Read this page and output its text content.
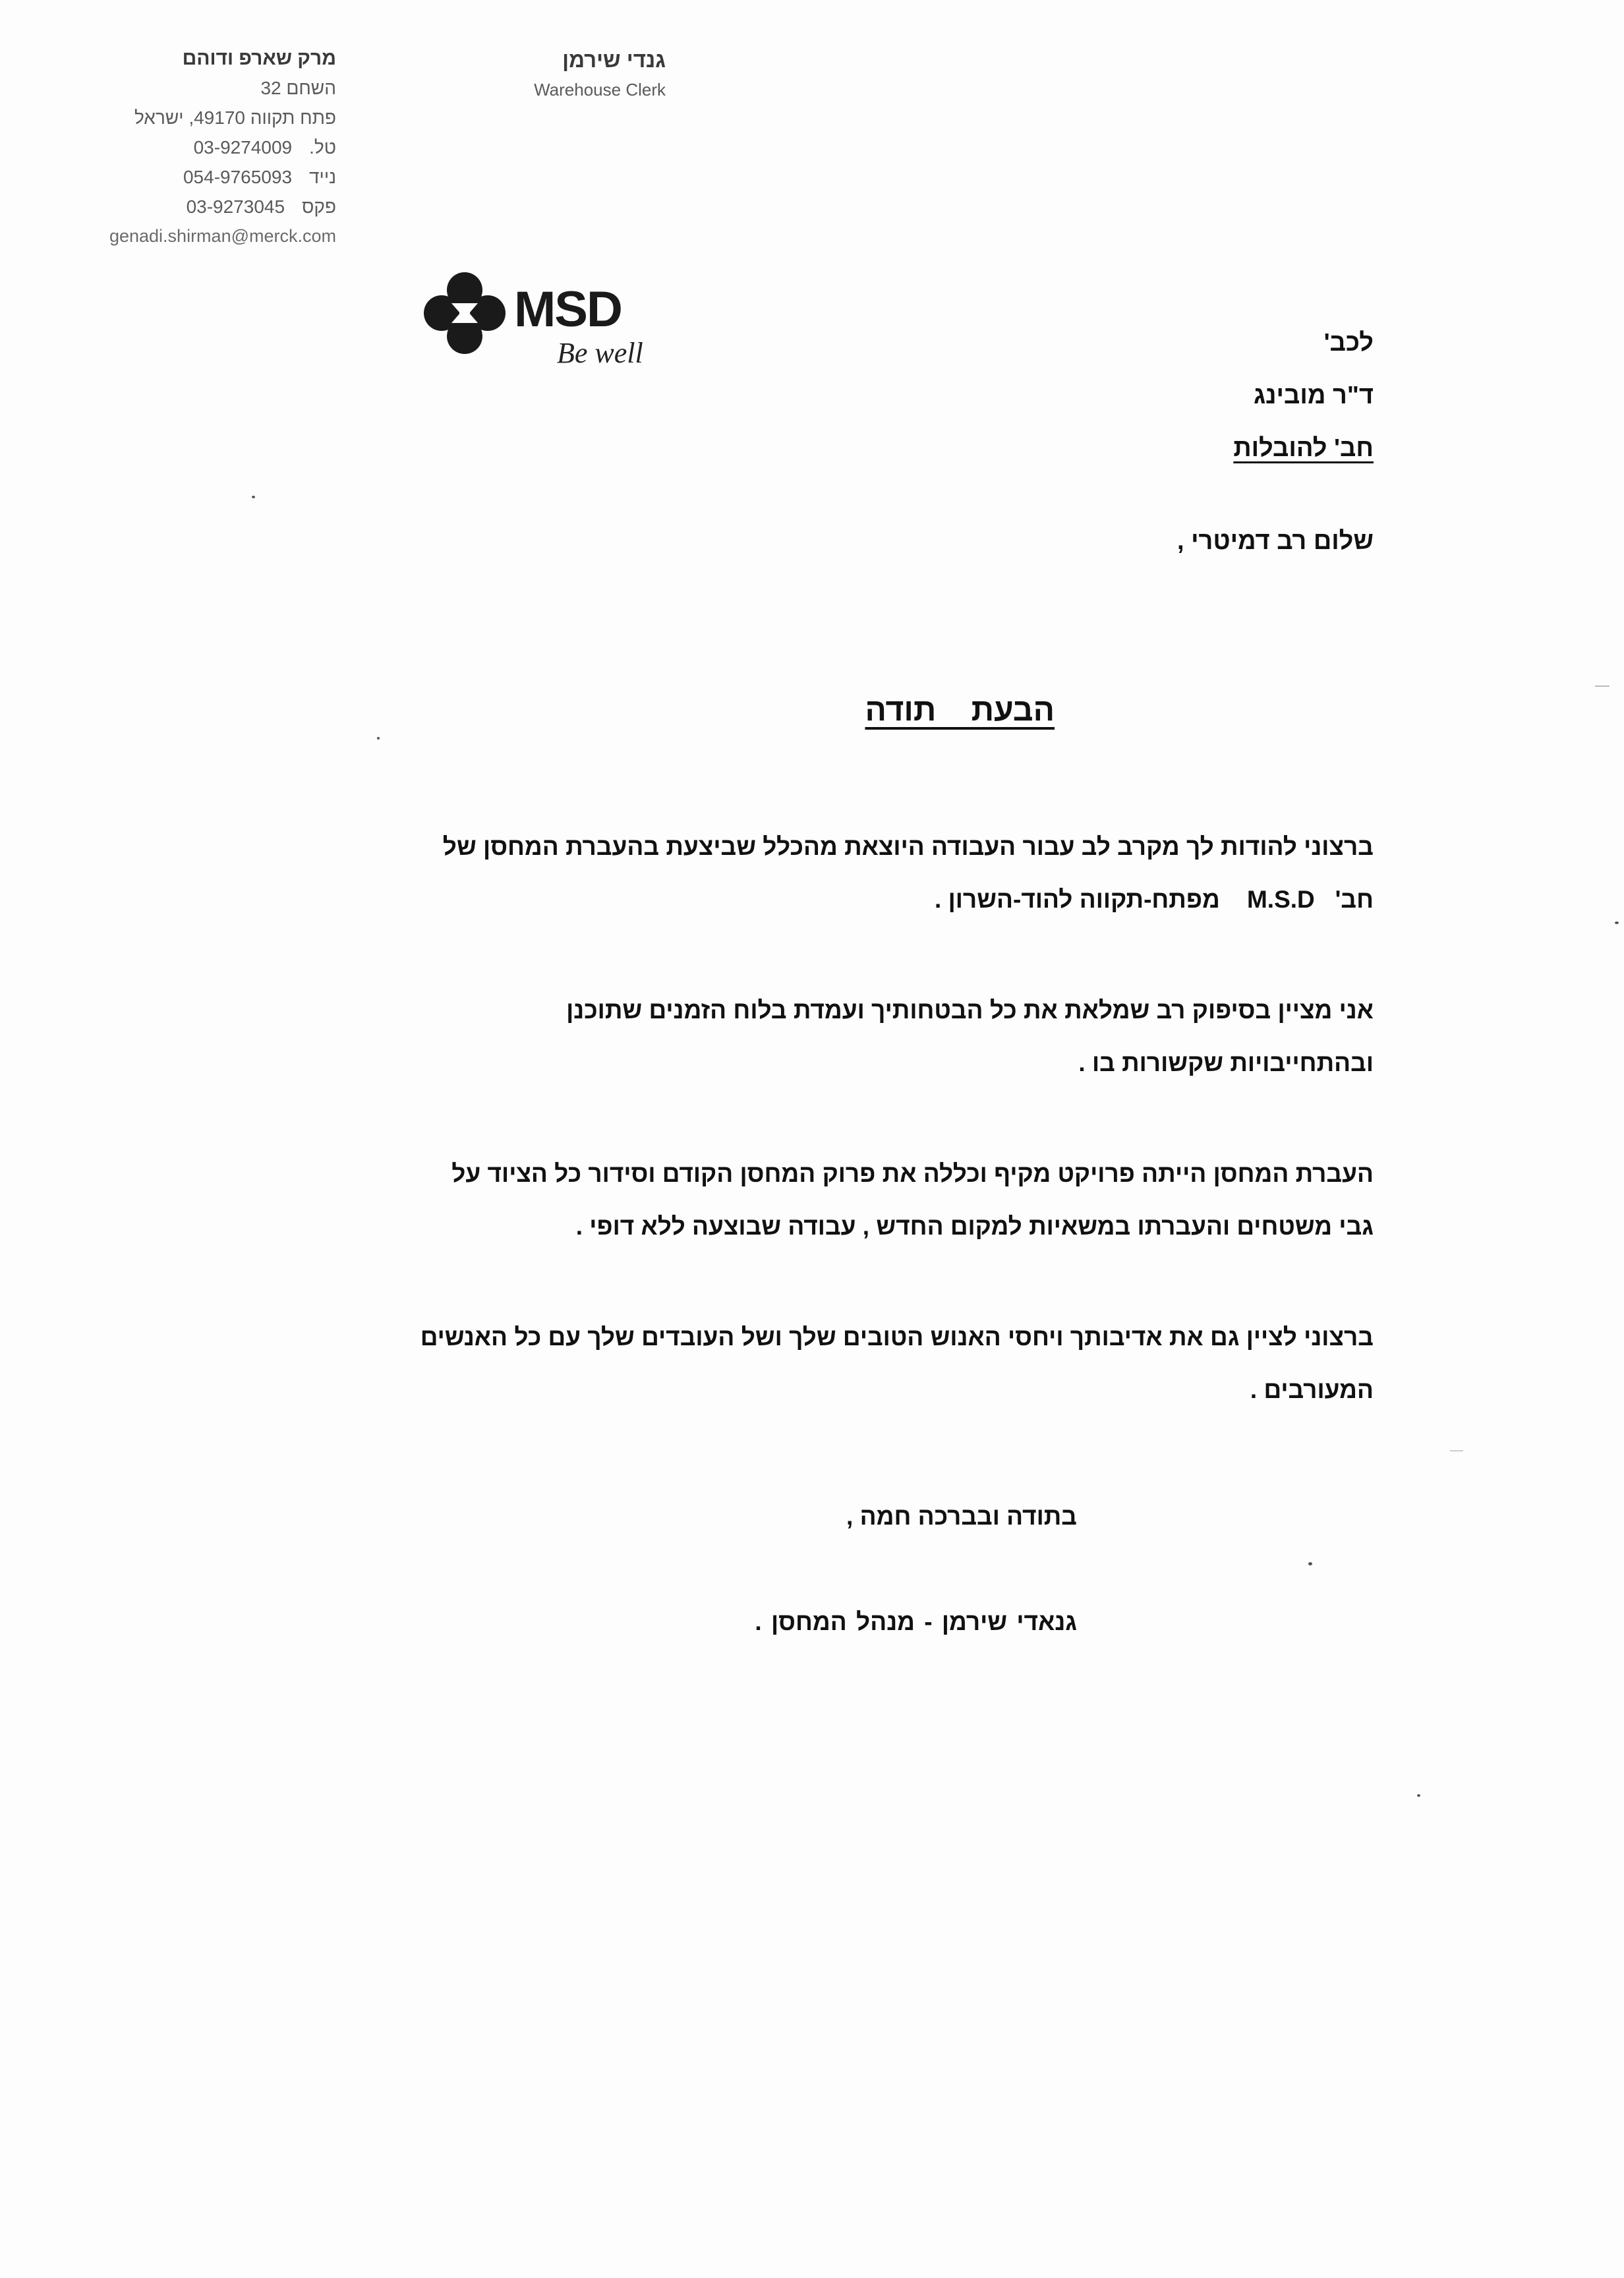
מרק שארפ ודוהם
השחם 32
פתח תקווה 49170, ישראל
טל.
03-9274009
נייד
054-9765093
פקס
03-9273045
genadi.shirman@merck.com
גנדי שירמן
Warehouse Clerk
MSD
Be well	לכב'
ד"ר מובינג
חב' להובלות
שלום רב דמיטרי ,
הבעת תודה

ברצוני להודות לך מקרב לב עבור העבודה היוצאת מהכלל שביצעת בהעברת המחסן של
חב'   M.S.D    מפתח-תקווה להוד-השרון .

אני מציין בסיפוק רב שמלאת את כל הבטחותיך ועמדת בלוח הזמנים שתוכנן
ובהתחייבויות שקשורות בו .

העברת המחסן הייתה פרויקט מקיף וכללה את פרוק המחסן הקודם וסידור כל הציוד על
גבי משטחים והעברתו במשאיות למקום החדש , עבודה שבוצעה ללא דופי .

ברצוני לציין גם את אדיבותך ויחסי האנוש הטובים שלך ושל העובדים שלך עם כל האנשים
המעורבים .

בתודה ובברכה חמה ,
גנאדי שירמן - מנהל המחסן .
